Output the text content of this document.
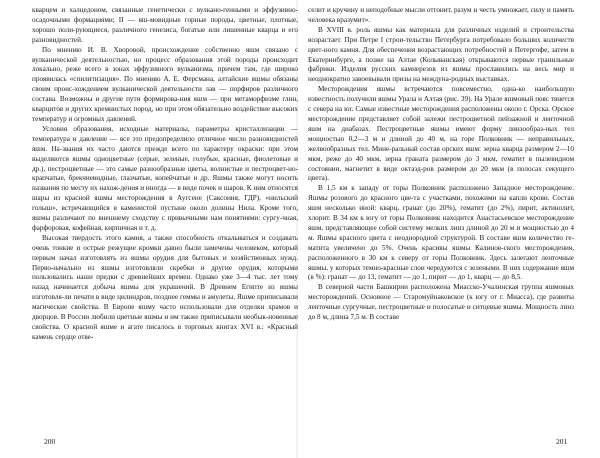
кварцем и халцедоном, связанные генетически с вулкано-генными и эффузивно-осадочными формациями; II — яш-мовидные горные породы, цветные, плотные, хорошо поли-рующиеся, различного генезиса, богатые или лишенные кварца и его разновидностей.

По мнению И. В. Хворовой, происхождение собственно яшм связано с вулканической деятельностью, но процесс образования этой породы происходит локально, реже всего в зонах эффузивного вулканизма, причем там, где широко проявилась «спилитизация». По мнению А. Е. Ферсмана, алтайские яшмы обязаны своим проис-хождением вулканической деятельности лав — порфиров различного состава. Возможны и другие пути формирова-ния яшм — при метаморфизме глин, кварцитов и других кремнистых пород, но при этом обязательно воздействие высоких температур и огромных давлений.

Условия образования, исходные материалы, параметры кристаллизации — температура и давление — все это предопределило отличное число разновидностей яшм. На-звания их часто даются прежде всего по характеру окраски: при этом выделяются яшмы одноцветные (серые, зеленые, голубые, красные, фиолетовые и др.), пестроцветные — это самые разнообразные цветы, волнистые и пестроцвет-но-крапчатые, брекчиевидные, глазчатые, копейчатые и др. Яшмы также могут носить названия по месту их нахож-дения и иногда — в виде почек и шаров. К ним относятся шары из красной яшмы месторождения в Аугсене (Саксония, ГДР), «нильский голыш», встречающийся в каменистой пустыне около долины Нила. Кроме того, яшмы различают по внешнему сходству с привычными нам понятиями: сургу-чная, фарфоровая, кофейная, кирпичная и т. д.

Высокая твердость этого камня, а также способность откалываться и создавать очень тонкие и острые режущие кромки давно были замечены человеком, который первым начал изготовлять из яшмы орудия для бытовых и хозяйственных нужд. Перво-начально из яшмы изготовляли скребки и другие орудия, которыми пользовались наши предки с древнейших времен. Однако уже 3—4 тыс. лет тому назад начинается добыча яшмы для украшений. В Древнем Египте из яшмы изготовля-ли печати в виде цилиндров, позднее геммы и амулеты. Яшме приписывали магические свойства. В Европе яшму часто использовали для отделки храмов и дворцов. В России любили цветные яшмы и им также приписывали необык-новенные свойства. О красной яшме и агате писалось в торговых книгах XVI в.: «Красный камень сердце отве-

200

селит и кручину и неподобные мысли отгонит, разум и честь умножает, силу и память человека вразумит».

В XVIII в. роль яшмы как материала для различных изделий и строительства возрастает. При Петре I строи-тельство Петербурга потребовало больших количеств цвет-ного камня. Для обеспечения возрастающих потребностей в Петергофе, затем в Екатеринбурге, а позже на Алтае (Колыванская) открываются первые гранильные фабрики. Изделия русских камнерезов из яшмы прославились на весь мир и неоднократно завоевывали призы на междуна-родных выставках.

Месторождения яшмы встречаются повсеместно, одна-ко наибольшую известность получили яшмы Урала и Алтая (рис. 39). На Урале яшмовый пояс тянется с севера на юг. Самые известные месторождения расположены около г. Орска. Орское месторождение представляет собой залежи пестроцветной пейзажной и ленточной яшм на диабазах. Пестроцветные яшмы имеют форму линзообраз-ных тел мощностью 0,2—3 м и длиной до 40 м, на горе Полковник — неправильных, желвообразных тел. Мине-ральный состав орских яшм: зерна кварца размером 2—10 мкм, реже до 40 мкм, зерна граната размером до 3 мкм, гематит в пылевидном состоянии, магнетит в виде октаэд-ров размером до 20 мкм (в полосах секущего цвета).

В 1,5 км к западу от горы Полковник расположено Западное месторождение. Яшмы розового до красного цве-та с участками, похожими на капли крови. Состав яшм несколько иной: кварц, гранат (до 20%), гематит (до 2%), пирит, актинолит, хлорит. В 34 км к югу от горы Полковник находится Анастасьевское месторождение яшм, представляющее собой систему мелких линз длиной до 20 м и мощностью до 4 м. Яшмы красного цвета с неоднородной структурой. В составе яшм количество ге-матита увеличено до 5%. Очень красивы яшмы Калинов-ского месторождения, расположенного в 30 км к северу от горы Полковник. Здесь залегают ленточные яшмы, у которых темно-красные слои чередуются с зелеными. В них содержание яшм (в %): гранат — до 13, гематит — до 1, пирит — до 1, кварц — до 8,5.

В северной части Башкирии расположена Миасско-Учалинская группа яшмовых месторождений. Основное — Старомуйнаковское (к югу от г. Миасса), где развиты ленточные сургучные, пестроцветные и полосатые и ситцевые яшмы. Мощность линз до 8 м, длина 7,5 м. В составе

201
